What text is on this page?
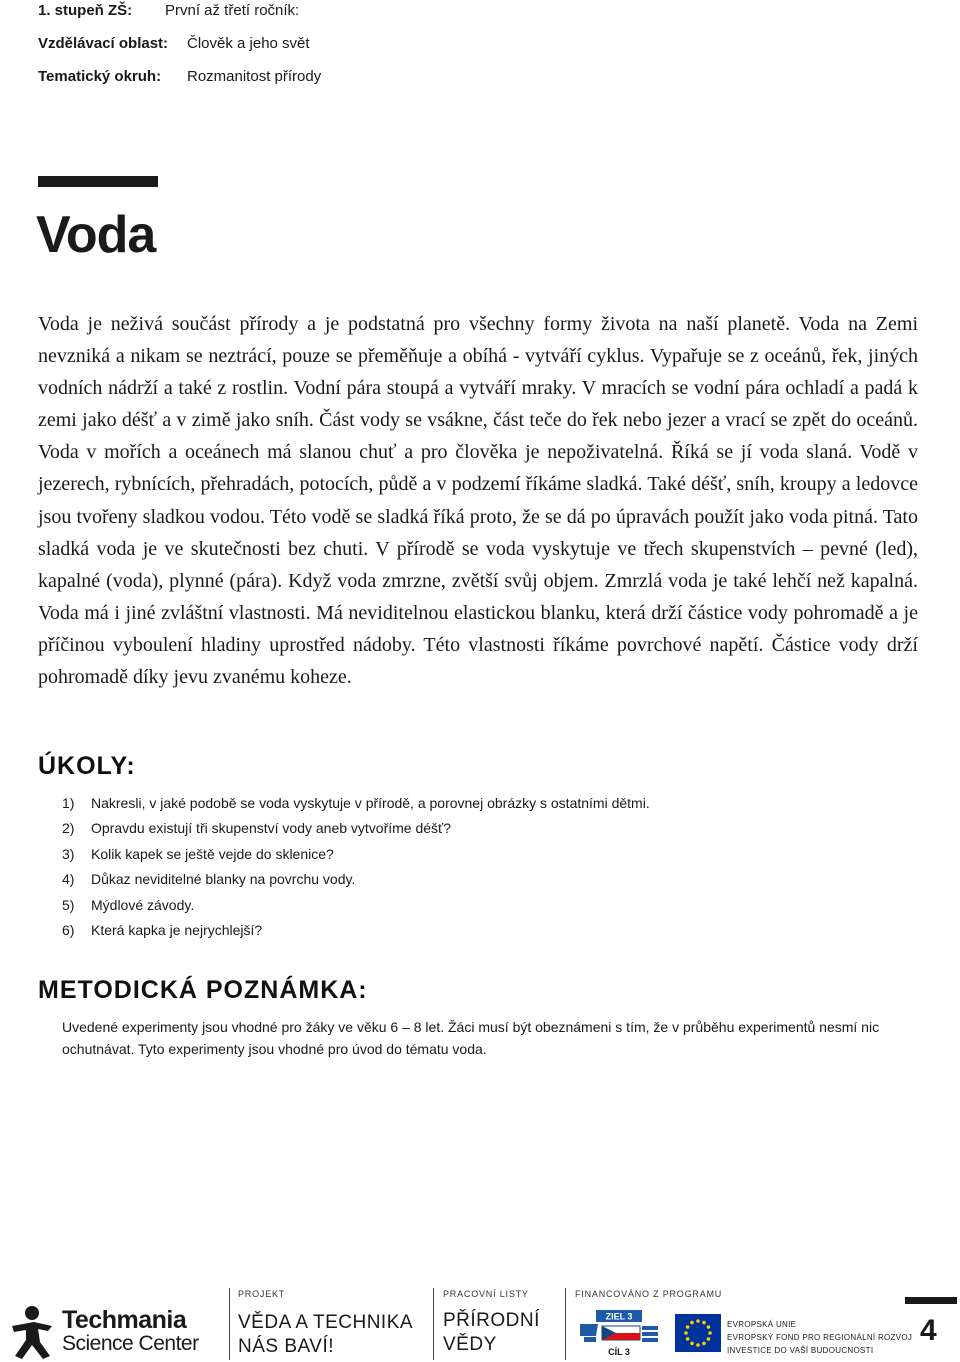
1. stupeň ZŠ: První až třetí ročník:
Vzdělávací oblast: Člověk a jeho svět
Tematický okruh: Rozmanitost přírody
Voda

Voda je neživá součást přírody a je podstatná pro všechny formy života na naší planetě. Voda na Zemi nevzniká a nikam se neztrácí, pouze se přeměňuje a obíhá - vytváří cyklus. Vypařuje se z oceánů, řek, jiných vodních nádrží a také z rostlin. Vodní pára stoupá a vytváří mraky. V mracích se vodní pára ochladí a padá k zemi jako déšť a v zimě jako sníh. Část vody se vsákne, část teče do řek nebo jezer a vrací se zpět do oceánů. Voda v mořích a oceánech má slanou chuť a pro člověka je nepoživatelná. Říká se jí voda slaná. Vodě v jezerech, rybnících, přehradách, potocích, půdě a v podzemí říkáme sladká. Také déšť, sníh, kroupy a ledovce jsou tvořeny sladkou vodou. Této vodě se sladká říká proto, že se dá po úpravách použít jako voda pitná. Tato sladká voda je ve skutečnosti bez chuti. V přírodě se voda vyskytuje ve třech skupenstvích – pevné (led), kapalné (voda), plynné (pára). Když voda zmrzne, zvětší svůj objem. Zmrzlá voda je také lehčí než kapalná. Voda má i jiné zvláštní vlastnosti. Má neviditelnou elastickou blanku, která drží částice vody pohromadě a je příčinou vyboulení hladiny uprostřed nádoby. Této vlastnosti říkáme povrchové napětí. Částice vody drží pohromadě díky jevu zvanému koheze.

ÚKOLY:
1) Nakresli, v jaké podobě se voda vyskytuje v přírodě, a porovnej obrázky s ostatními dětmi.
2) Opravdu existují tři skupenství vody aneb vytvoříme déšť?
3) Kolik kapek se ještě vejde do sklenice?
4) Důkaz neviditelné blanky na povrchu vody.
5) Mýdlové závody.
6) Která kapka je nejrychlejší?
METODICKÁ POZNÁMKA:

Uvedené experimenty jsou vhodné pro žáky ve věku 6 – 8 let. Žáci musí být obeznámeni s tím, že v průběhu experimentů nesmí nic ochutnávat. Tyto experimenty jsou vhodné pro úvod do tématu voda.

Techmania
Science Center
PROJEKT
VĚDA A TECHNIKA
NÁS BAVÍ!
PRACOVNÍ LISTY
PŘÍRODNÍ
VĚDY
FINANCOVÁNO Z PROGRAMU
ZIEL 3
CÍL 3
EVROPSKÁ UNIE
EVROPSKÝ FOND PRO REGIONÁLNÍ ROZVOJ
INVESTICE DO VAŠÍ BUDOUCNOSTI
4
